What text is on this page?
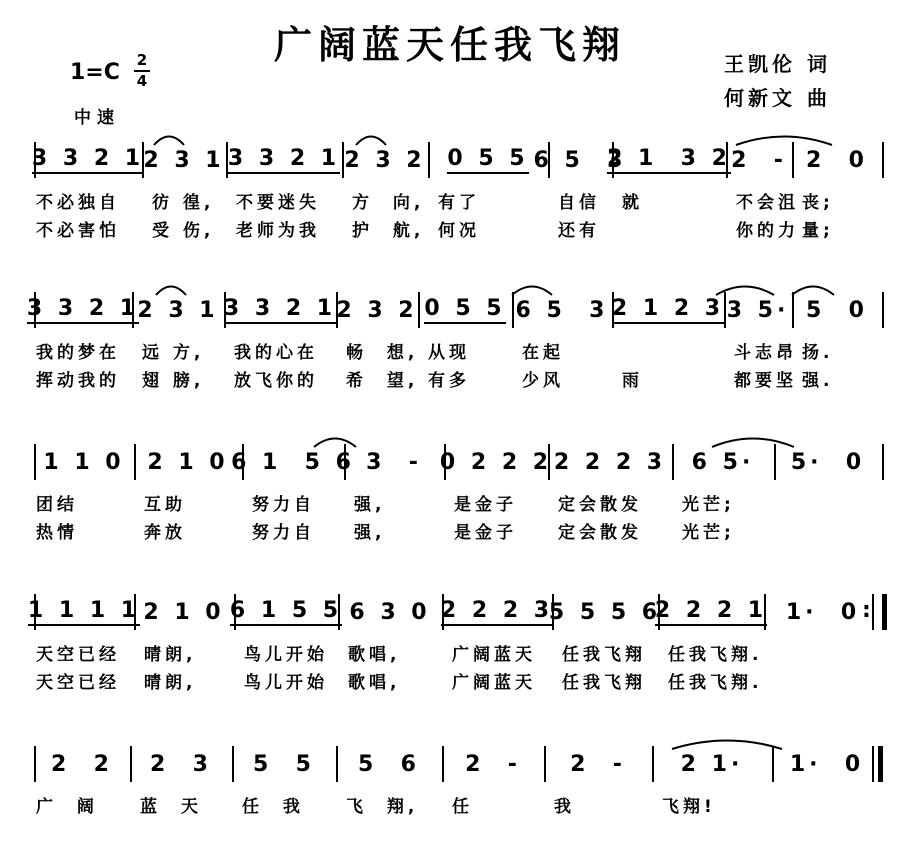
广阔蓝天任我飞翔
1=C 2
4
中速
王凯伦 词
何新文 曲
3 3 2 1 2 3 1 3 3 2 1 2 3 2 0 5 5 6 5  3
2 1  3 2 2  - 2  0
不必独自 彷 徨, 不要迷失 方  向, 有了	自信 就	不会沮 丧;
不必害怕 受 伤, 老师为我 护  航, 何况	还有	你的力 量;
3 3 2 1
2 3 1 3 3 2 1 2 3 2 0 5 5 6 5  3 2 1 2 3 3 5· 5  0
我的梦在 远 方, 我的心在 畅  想, 从现	在起	斗志昂 扬.
挥动我的 翅 膀, 放飞你的 希  望, 有多	少风	雨	都要坚 强.
1 1 0 2 1 0 6 1  5 6 3  - 0 2 2 2 2 2 2 3 6 5· 5·  0
团结	互助	努力自 强,	是金子 定会散发 光芒;
热情	奔放	努力自 强,	是金子 定会散发 光芒;
:
1 1 1 1 2 1 0 6 1 5 5 6 3 0 2 2 2 3
5 5 5 6
2 2 2 1 1·  0
天空已经 晴朗,	鸟儿开始 歌唱,	广阔蓝天 任我飞翔 任我飞翔.
天空已经 晴朗,	鸟儿开始 歌唱,	广阔蓝天 任我飞翔 任我飞翔.
2  2 2  3 5  5 5  6 2  - 2  - 2 1· 1·  0
广  阔 蓝  天 任  我 飞  翔, 任	我	飞翔!
